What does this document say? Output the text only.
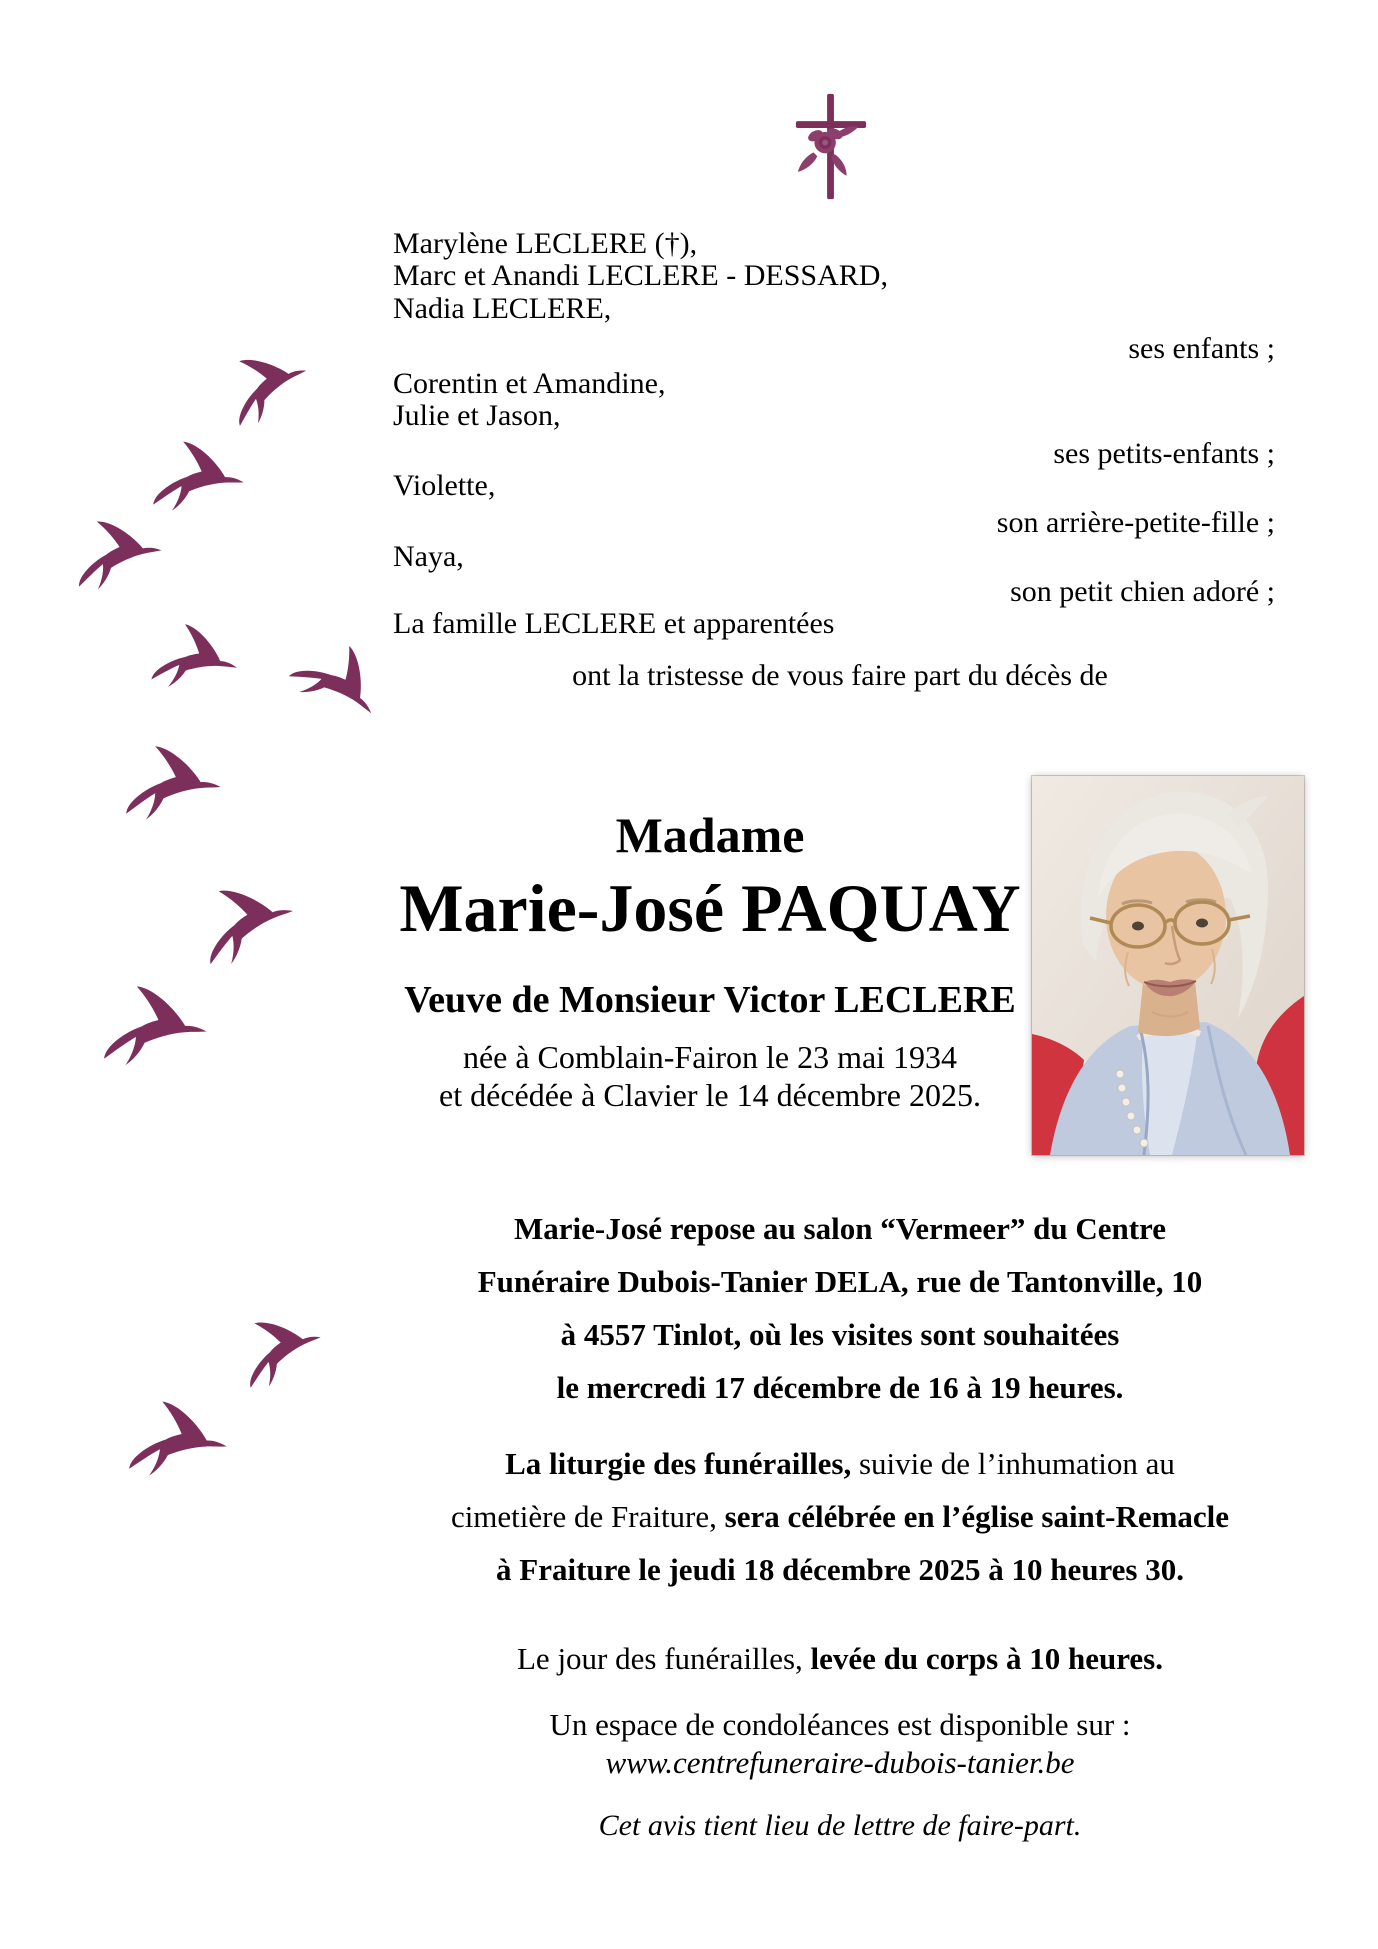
Marylène LECLERE (†),
Marc et Anandi LECLERE - DESSARD,
Nadia LECLERE,
ses enfants ;
Corentin et Amandine,
Julie et Jason,
ses petits-enfants ;
Violette,
son arrière-petite-fille ;
Naya,
son petit chien adoré ;
La famille LECLERE et apparentées
ont la tristesse de vous faire part du décès de
Madame
Marie-José PAQUAY
Veuve de Monsieur Victor LECLERE
née à Comblain-Fairon le 23 mai 1934
et décédée à Clavier le 14 décembre 2025.
Marie-José repose au salon “Vermeer” du Centre
Funéraire Dubois-Tanier DELA, rue de Tantonville, 10
à 4557 Tinlot, où les visites sont souhaitées
le mercredi 17 décembre de 16 à 19 heures.
La liturgie des funérailles, suivie de l’inhumation au
cimetière de Fraiture, sera célébrée en l’église saint-Remacle
à Fraiture le jeudi 18 décembre 2025 à 10 heures 30.
Le jour des funérailles, levée du corps à 10 heures.
Un espace de condoléances est disponible sur :
www.centrefuneraire-dubois-tanier.be
Cet avis tient lieu de lettre de faire-part.
